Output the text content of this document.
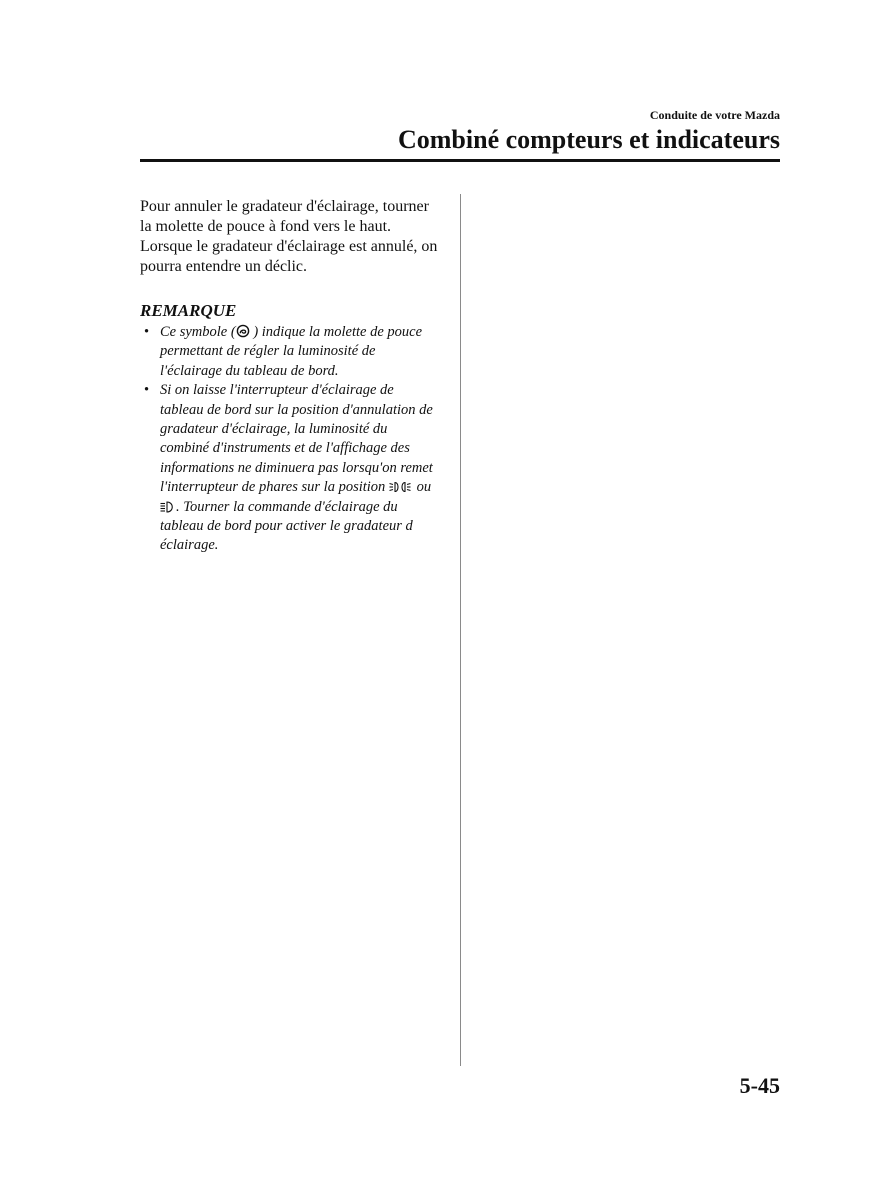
Conduite de votre Mazda
Combiné compteurs et indicateurs

Pour annuler le gradateur d'éclairage, tourner la molette de pouce à fond vers le haut. Lorsque le gradateur d'éclairage est annulé, on pourra entendre un déclic.

REMARQUE
• Ce symbole ( ) indique la molette de pouce permettant de régler la luminosité de l'éclairage du tableau de bord.
• Si on laisse l'interrupteur d'éclairage de tableau de bord sur la position d'annulation de gradateur d'éclairage, la luminosité du combiné d'instruments et de l'affichage des informations ne diminuera pas lorsqu'on remet l'interrupteur de phares sur la position  ou . Tourner la commande d'éclairage du tableau de bord pour activer le gradateur d éclairage.
5-45
